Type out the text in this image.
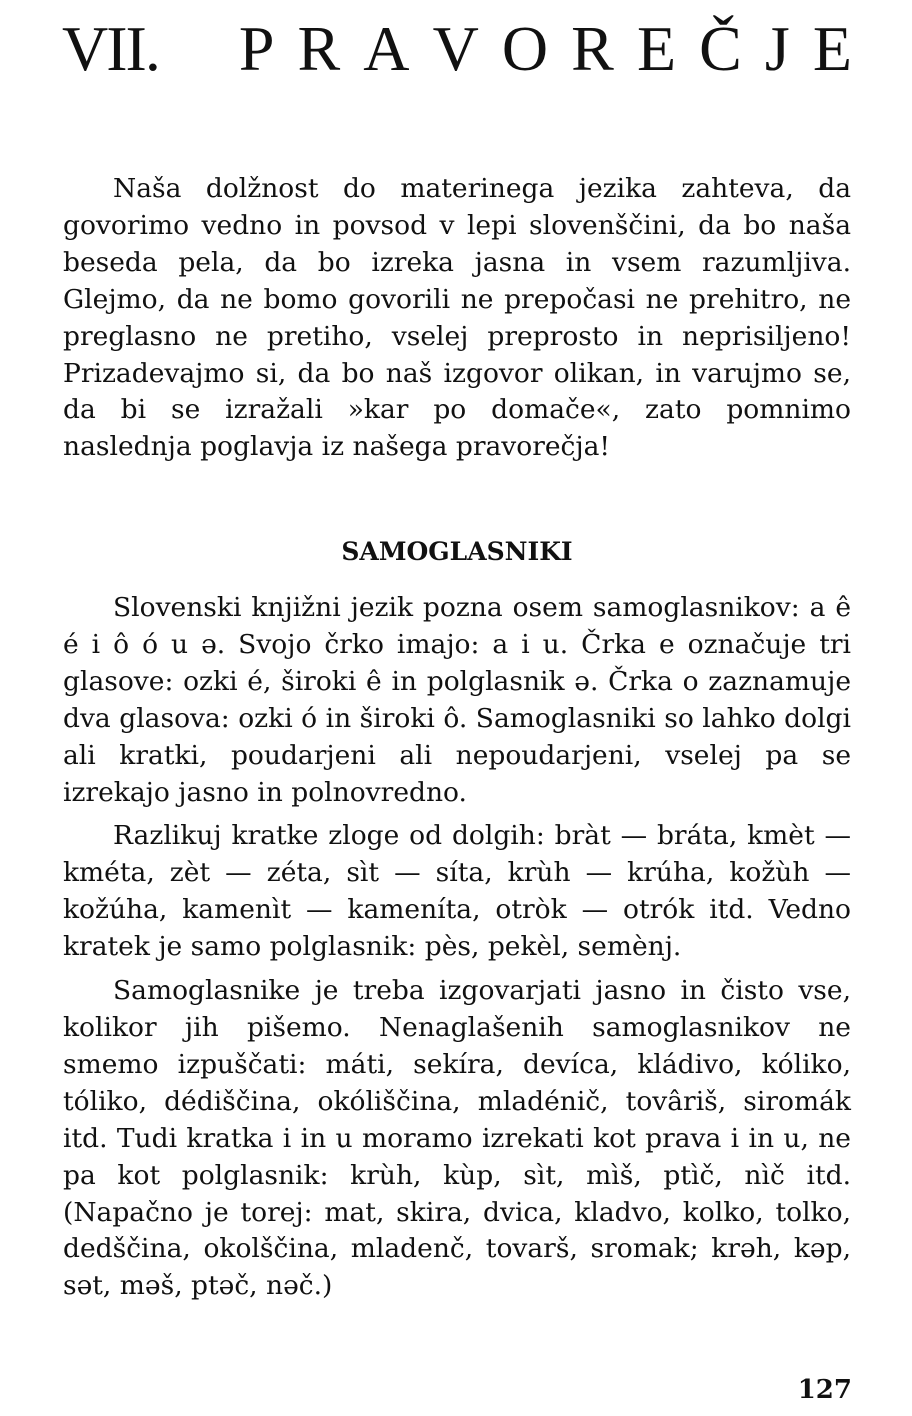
VII. P R A V O R E Č J E

Naša dolžnost do materinega jezika zahteva, da govorimo vedno in povsod v lepi slovenščini, da bo naša beseda pela, da bo izreka jasna in vsem razumljiva. Glejmo, da ne bomo govorili ne prepočasi ne prehitro, ne preglasno ne pretiho, vselej preprosto in neprisiljeno! Prizadevajmo si, da bo naš izgovor olikan, in varujmo se, da bi se izražali »kar po domače«, zato pomnimo naslednja poglavja iz našega pravorečja!

SAMOGLASNIKI

Slovenski knjižni jezik pozna osem samoglasnikov: a ê é i ô ó u ə. Svojo črko imajo: a i u. Črka e označuje tri glasove: ozki é, široki ê in polglasnik ə. Črka o zaznamuje dva glasova: ozki ó in široki ô. Samoglasniki so lahko dolgi ali kratki, poudarjeni ali nepoudarjeni, vselej pa se izrekajo jasno in polnovredno.

Razlikuj kratke zloge od dolgih: bràt — bráta, kmèt — kméta, zèt — zéta, sìt — síta, krùh — krúha, kožùh — kožúha, kamenìt — kameníta, otròk — otrók itd. Vedno kratek je samo polglasnik: pès, pekèl, semènj.

Samoglasnike je treba izgovarjati jasno in čisto vse, kolikor jih pišemo. Nenaglašenih samoglasnikov ne smemo izpuščati: máti, sekíra, devíca, kládivo, kóliko, tóliko, dédiščina, okóliščina, mladénič, tovâriš, siromák itd. Tudi kratka i in u moramo izrekati kot prava i in u, ne pa kot polglasnik: krùh, kùp, sìt, mìš, ptìč, nìč itd. (Napačno je torej: mat, skira, dvica, kladvo, kolko, tolko, dedščina, okolščina, mladenč, tovarš, sromak; krəh, kəp, sət, məš, ptəč, nəč.)

127
